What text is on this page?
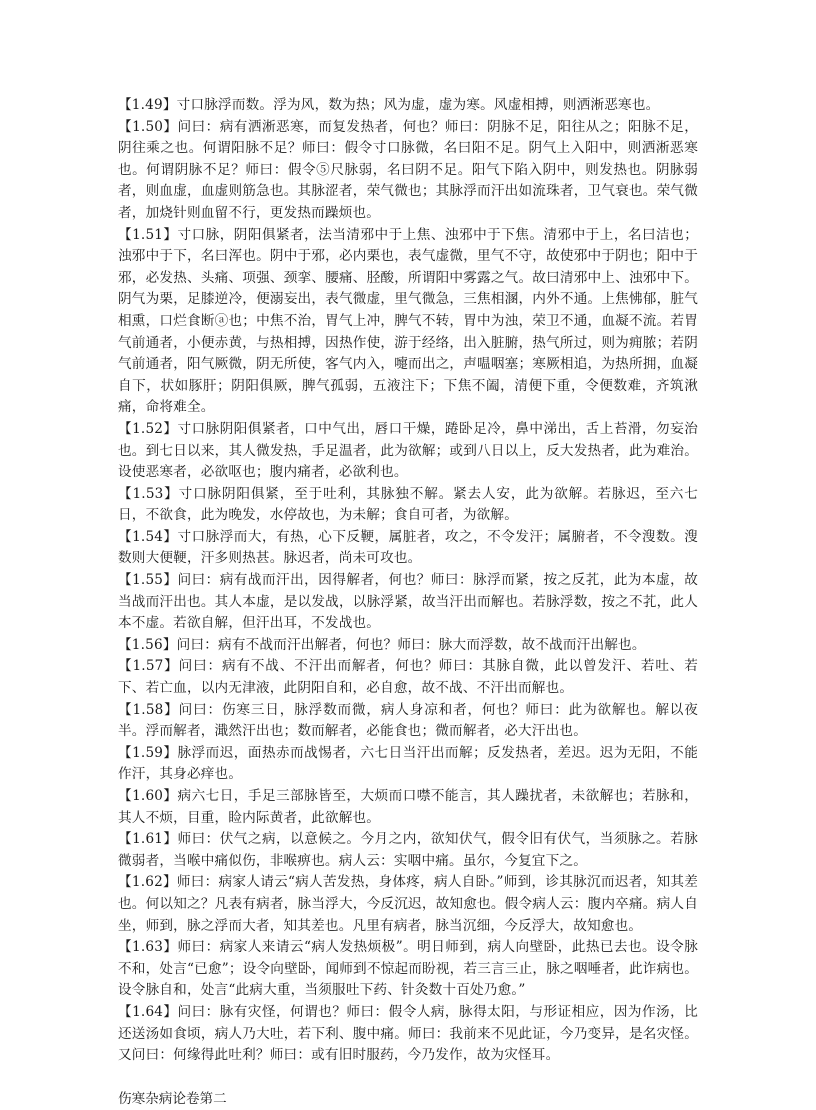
【1.49】寸口脉浮而数。浮为风，数为热；风为虚，虚为寒。风虚相搏，则洒淅恶寒也。

【1.50】问曰：病有洒淅恶寒，而复发热者，何也？师曰：阴脉不足，阳往从之；阳脉不足，阴往乘之也。何谓阳脉不足？师曰：假令寸口脉微，名曰阳不足。阴气上入阳中，则洒淅恶寒也。何谓阴脉不足？师曰：假令⑤尺脉弱，名曰阴不足。阳气下陷入阴中，则发热也。阴脉弱者，则血虚，血虚则筋急也。其脉涩者，荣气微也；其脉浮而汗出如流珠者，卫气衰也。荣气微者，加烧针则血留不行，更发热而躁烦也。

【1.51】寸口脉，阴阳俱紧者，法当清邪中于上焦、浊邪中于下焦。清邪中于上，名曰洁也；浊邪中于下，名曰浑也。阴中于邪，必内栗也，表气虚微，里气不守，故使邪中于阴也；阳中于邪，必发热、头痛、项强、颈挛、腰痛、胫酸，所谓阳中雾露之气。故曰清邪中上、浊邪中下。阴气为栗，足膝逆冷，便溺妄出，表气微虚，里气微急，三焦相溷，内外不通。上焦怫郁，脏气相熏，口烂食断ⓐ也；中焦不治，胃气上冲，脾气不转，胃中为浊，荣卫不通，血凝不流。若胃气前通者，小便赤黄，与热相搏，因热作使，游于经络，出入脏腑，热气所过，则为痈脓；若阴气前通者，阳气厥微，阴无所使，客气内入，嚏而出之，声嗢咽塞；寒厥相追，为热所拥，血凝自下，状如豚肝；阴阳俱厥，脾气孤弱，五液注下；下焦不阖，清便下重，令便数难，齐筑湫痛，命将难全。

【1.52】寸口脉阴阳俱紧者，口中气出，唇口干燥，踡卧足冷，鼻中涕出，舌上苔滑，勿妄治也。到七日以来，其人微发热，手足温者，此为欲解；或到八日以上，反大发热者，此为难治。设使恶寒者，必欲呕也；腹内痛者，必欲利也。

【1.53】寸口脉阴阳俱紧，至于吐利，其脉独不解。紧去人安，此为欲解。若脉迟，至六七日，不欲食，此为晚发，水停故也，为未解；食自可者，为欲解。

【1.54】寸口脉浮而大，有热，心下反鞕，属脏者，攻之，不令发汗；属腑者，不令溲数。溲数则大便鞕，汗多则热甚。脉迟者，尚未可攻也。

【1.55】问曰：病有战而汗出，因得解者，何也？师曰：脉浮而紧，按之反芤，此为本虚，故当战而汗出也。其人本虚，是以发战，以脉浮紧，故当汗出而解也。若脉浮数，按之不芤，此人本不虚。若欲自解，但汗出耳，不发战也。

【1.56】问曰：病有不战而汗出解者，何也？师曰：脉大而浮数，故不战而汗出解也。

【1.57】问曰：病有不战、不汗出而解者，何也？师曰：其脉自微，此以曾发汗、若吐、若下、若亡血，以内无津液，此阴阳自和，必自愈，故不战、不汗出而解也。

【1.58】问曰：伤寒三日，脉浮数而微，病人身凉和者，何也？师曰：此为欲解也。解以夜半。浮而解者，濈然汗出也；数而解者，必能食也；微而解者，必大汗出也。

【1.59】脉浮而迟，面热赤而战惕者，六七日当汗出而解；反发热者，差迟。迟为无阳，不能作汗，其身必痒也。

【1.60】病六七日，手足三部脉皆至，大烦而口噤不能言，其人躁扰者，未欲解也；若脉和，其人不烦，目重，睑内际黄者，此欲解也。

【1.61】师曰：伏气之病，以意候之。今月之内，欲知伏气，假令旧有伏气，当须脉之。若脉微弱者，当喉中痛似伤，非喉痹也。病人云：实咽中痛。虽尔，今复宜下之。

【1.62】师曰：病家人请云“病人苦发热，身体疼，病人自卧。”师到，诊其脉沉而迟者，知其差也。何以知之？凡表有病者，脉当浮大，今反沉迟，故知愈也。假令病人云：腹内卒痛。病人自坐，师到，脉之浮而大者，知其差也。凡里有病者，脉当沉细，今反浮大，故知愈也。

【1.63】师曰：病家人来请云“病人发热烦极”。明日师到，病人向壁卧，此热已去也。设令脉不和，处言“已愈”；设令向壁卧，闻师到不惊起而盼视，若三言三止，脉之咽唾者，此诈病也。设令脉自和，处言“此病大重，当须服吐下药、针灸数十百处乃愈。”

【1.64】问曰：脉有灾怪，何谓也？师曰：假令人病，脉得太阳，与形证相应，因为作汤，比还送汤如食顷，病人乃大吐，若下利、腹中痛。师曰：我前来不见此证，今乃变异，是名灾怪。又问曰：何缘得此吐利？师曰：或有旧时服药，今乃发作，故为灾怪耳。

伤寒杂病论卷第二
